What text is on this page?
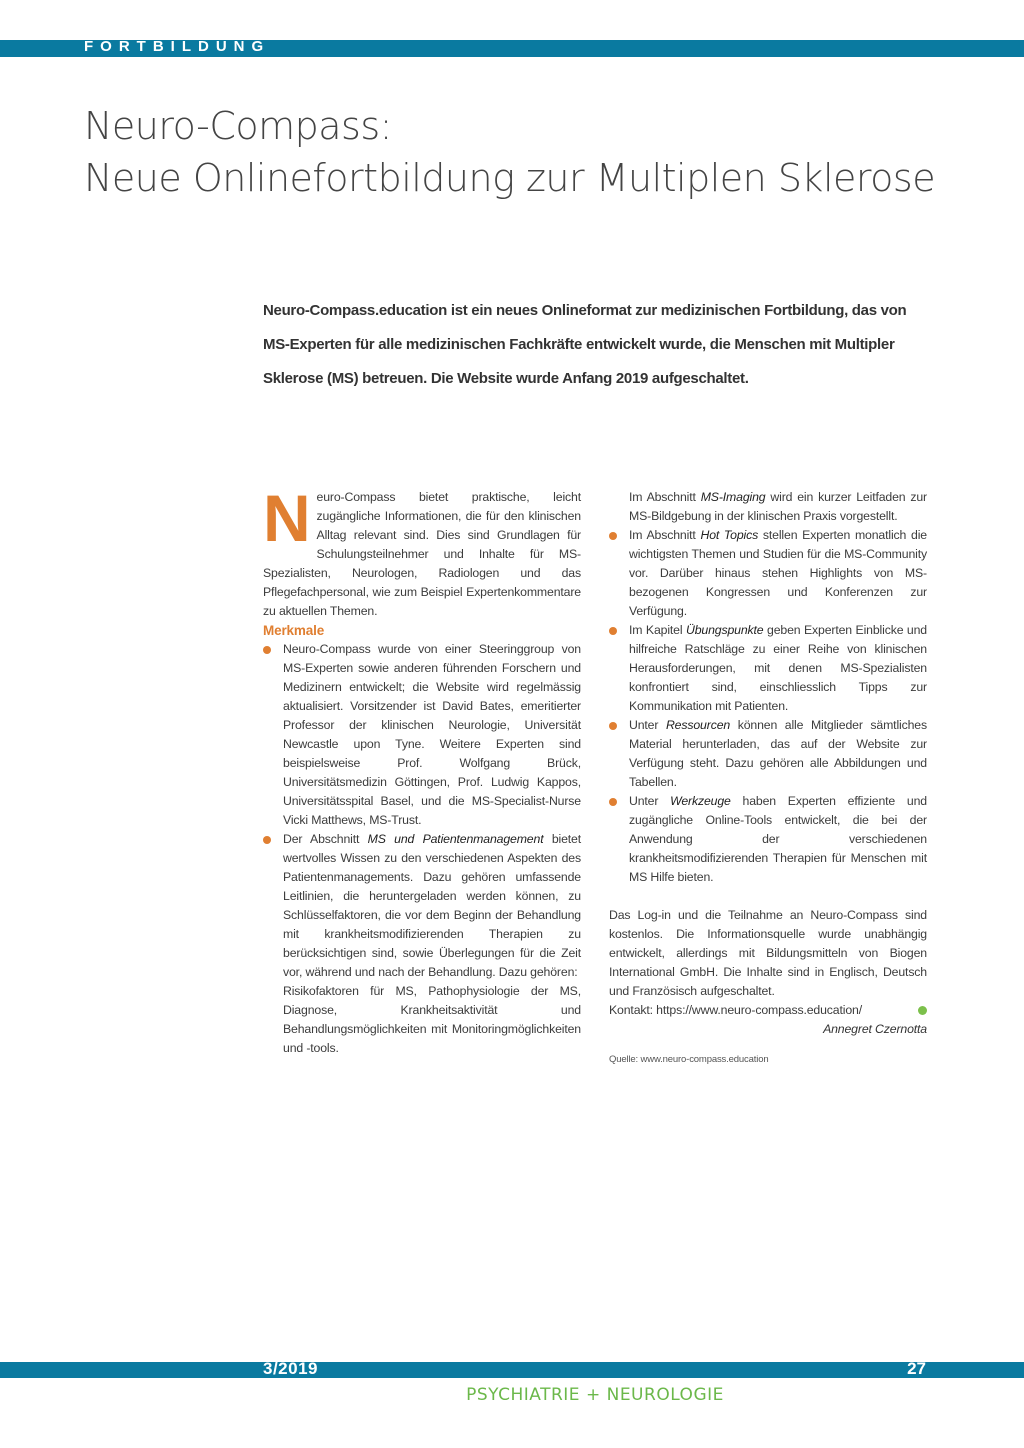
FORTBILDUNG
Neuro-Compass:
Neue Onlinefortbildung zur Multiplen Sklerose

Neuro-Compass.education ist ein neues Onlineformat zur medizinischen Fortbildung, das von MS-Experten für alle medizinischen Fachkräfte entwickelt wurde, die Menschen mit Multipler Sklerose (MS) betreuen. Die Website wurde Anfang 2019 aufgeschaltet.

Neuro-Compass bietet praktische, leicht zugängliche Informationen, die für den klinischen Alltag relevant sind. Dies sind Grundlagen für Schulungsteilnehmer und Inhalte für MS-Spezialisten, Neurologen, Radiologen und das Pflegefachpersonal, wie zum Beispiel Expertenkommentare zu aktuellen Themen.

Merkmale

Neuro-Compass wurde von einer Steeringgroup von MS-Experten sowie anderen führenden Forschern und Medizinern entwickelt; die Website wird regelmässig aktualisiert. Vorsitzender ist David Bates, emeritierter Professor der klinischen Neurologie, Universität Newcastle upon Tyne. Weitere Experten sind beispielsweise Prof. Wolfgang Brück, Universitätsmedizin Göttingen, Prof. Ludwig Kappos, Universitätsspital Basel, und die MS-Specialist-Nurse Vicki Matthews, MS-Trust.
Der Abschnitt MS und Patientenmanagement bietet wertvolles Wissen zu den verschiedenen Aspekten des Patientenmanagements. Dazu gehören umfassende Leitlinien, die heruntergeladen werden können, zu Schlüsselfaktoren, die vor dem Beginn der Behandlung mit krankheitsmodifizierenden Therapien zu berücksichtigen sind, sowie Überlegungen für die Zeit vor, während und nach der Behandlung. Dazu gehören:
Risikofaktoren für MS, Pathophysiologie der MS, Diagnose, Krankheitsaktivität und Behandlungsmöglichkeiten mit Monitoringmöglichkeiten und -tools.

Im Abschnitt MS-Imaging wird ein kurzer Leitfaden zur MS-Bildgebung in der klinischen Praxis vorgestellt.

Im Abschnitt Hot Topics stellen Experten monatlich die wichtigsten Themen und Studien für die MS-Community vor. Darüber hinaus stehen Highlights von MS-bezogenen Kongressen und Konferenzen zur Verfügung.
Im Kapitel Übungspunkte geben Experten Einblicke und hilfreiche Ratschläge zu einer Reihe von klinischen Herausforderungen, mit denen MS-Spezialisten konfrontiert sind, einschliesslich Tipps zur Kommunikation mit Patienten.
Unter Ressourcen können alle Mitglieder sämtliches Material herunterladen, das auf der Website zur Verfügung steht. Dazu gehören alle Abbildungen und Tabellen.
Unter Werkzeuge haben Experten effiziente und zugängliche Online-Tools entwickelt, die bei der Anwendung der verschiedenen krankheitsmodifizierenden Therapien für Menschen mit MS Hilfe bieten.

Das Log-in und die Teilnahme an Neuro-Compass sind kostenlos. Die Informationsquelle wurde unabhängig entwickelt, allerdings mit Bildungsmitteln von Biogen International GmbH. Die Inhalte sind in Englisch, Deutsch und Französisch aufgeschaltet.

Kontakt: https://www.neuro-compass.education/

Annegret Czernotta

Quelle: www.neuro-compass.education

3/2019	27
PSYCHIATRIE + NEUROLOGIE
